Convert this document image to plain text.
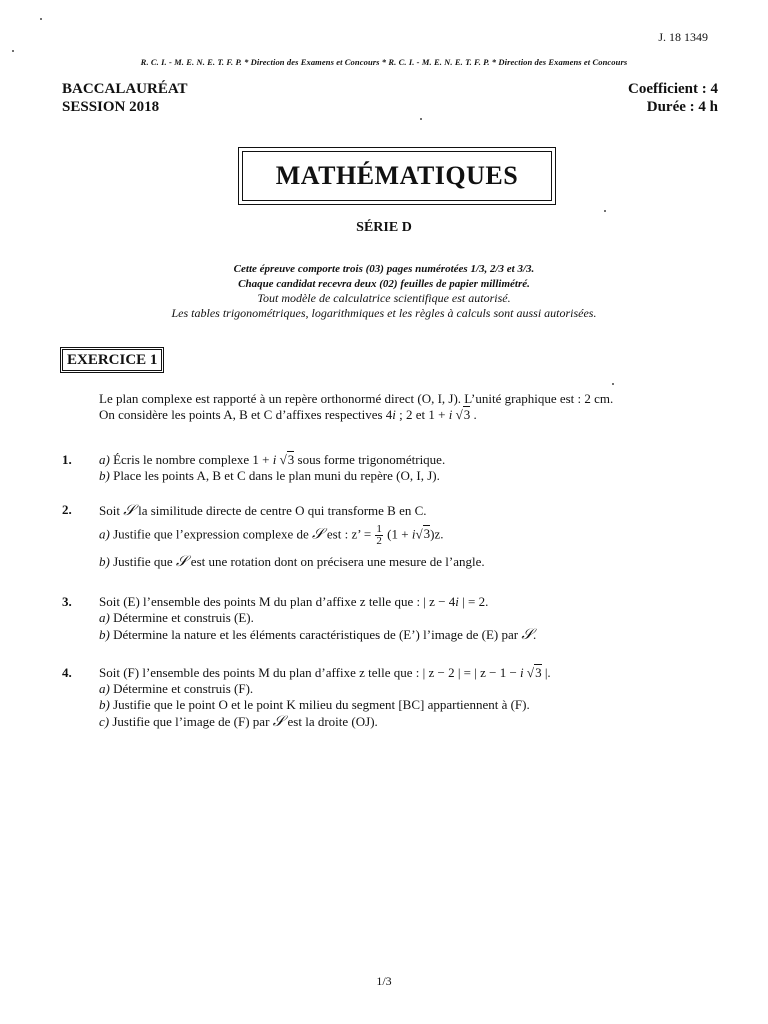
J. 18 1349
R. C. I. - M. E. N. E. T. F. P. * Direction des Examens et Concours * R. C. I. - M. E. N. E. T. F. P. * Direction des Examens et Concours
BACCALAURÉAT
SESSION 2018
Coefficient : 4
Durée : 4 h
MATHÉMATIQUES
SÉRIE D
Cette épreuve comporte trois (03) pages numérotées 1/3, 2/3 et 3/3.
Chaque candidat recevra deux (02) feuilles de papier millimétré.
Tout modèle de calculatrice scientifique est autorisé.
Les tables trigonométriques, logarithmiques et les règles à calculs sont aussi autorisées.
EXERCICE 1
Le plan complexe est rapporté à un repère orthonormé direct (O, I, J). L’unité graphique est : 2 cm.
On considère les points A, B et C d’affixes respectives 4i ; 2 et 1 + i √3 .
1. a) Écris le nombre complexe 1 + i √3 sous forme trigonométrique.
b) Place les points A, B et C dans le plan muni du repère (O, I, J).
2. Soit 𝒮 la similitude directe de centre O qui transforme B en C.
a) Justifie que l’expression complexe de 𝒮 est : z’ = $\frac{1}{2} (1 + i√3)z$.
b) Justifie que 𝒮 est une rotation dont on précisera une mesure de l’angle.
3. Soit (E) l’ensemble des points M du plan d’affixe z telle que : | z − 4i | = 2.
a) Détermine et construis (E).
b) Détermine la nature et les éléments caractéristiques de (E’) l’image de (E) par 𝒮.
4. Soit (F) l’ensemble des points M du plan d’affixe z telle que : | z − 2 | = | z − 1 − i √3 |.
a) Détermine et construis (F).
b) Justifie que le point O et le point K milieu du segment [BC] appartiennent à (F).
c) Justifie que l’image de (F) par 𝒮 est la droite (OJ).
1/3
